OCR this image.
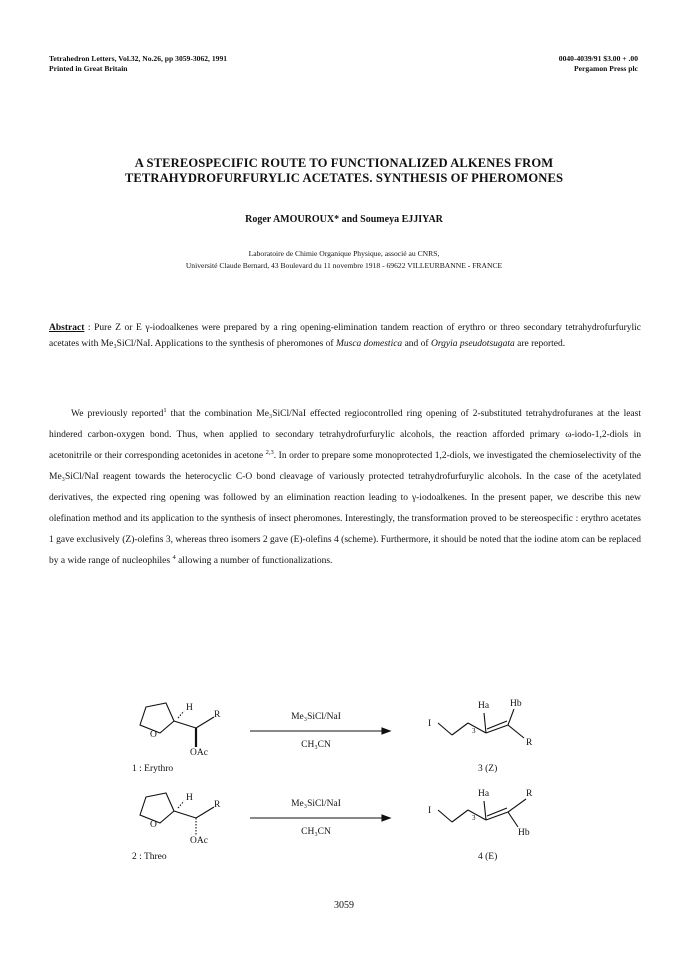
Tetrahedron Letters, Vol.32, No.26, pp 3059-3062, 1991
Printed in Great Britain
0040-4039/91 $3.00 + .00
Pergamon Press plc
A STEREOSPECIFIC ROUTE TO FUNCTIONALIZED ALKENES FROM
TETRAHYDROFURFURYLIC ACETATES. SYNTHESIS OF PHEROMONES
Roger AMOUROUX* and Soumeya EJJIYAR
Laboratoire de Chimie Organique Physique, associé au CNRS,
Université Claude Bernard, 43 Boulevard du 11 novembre 1918 - 69622 VILLEURBANNE - FRANCE
Abstract : Pure Z or E γ-iodoalkenes were prepared by a ring opening-elimination tandem reaction of erythro or threo secondary tetrahydrofurfurylic acetates with Me₃SiCl/NaI. Applications to the synthesis of pheromones of Musca domestica and of Orgyia pseudotsugata are reported.

We previously reported$^1$ that the combination Me₃SiCl/NaI effected regiocontrolled ring opening of 2-substituted tetrahydrofuranes at the least hindered carbon-oxygen bond. Thus, when applied to secondary tetrahydrofurfurylic alcohols, the reaction afforded primary ω-iodo-1,2-diols in acetonitrile or their corresponding acetonides in acetone $^{2,3}$. In order to prepare some monoprotected 1,2-diols, we investigated the chemioselectivity of the Me₃SiCl/NaI reagent towards the heterocyclic C-O bond cleavage of variously protected tetrahydrofurfurylic alcohols. In the case of the acetylated derivatives, the expected ring opening was followed by an elimination reaction leading to γ-iodoalkenes. In the present paper, we describe this new olefination method and its application to the synthesis of insect pheromones. Interestingly, the transformation proved to be stereospecific : erythro acetates 1 gave exclusively (Z)-olefins 3, whereas threo isomers 2 gave (E)-olefins 4 (scheme). Furthermore, it should be noted that the iodine atom can be replaced by a wide range of nucleophiles $^4$ allowing a number of functionalizations.

H
R
O
OAc
1 : Erythro
Me₃SiCl/NaI
CH₃CN
I
3
Ha Hb
R
3 (Z)
H
R
O
OAc
2 : Threo
Me₃SiCl/NaI
CH₃CN
I
3
Ha	R
Hb
4 (E)
3059
